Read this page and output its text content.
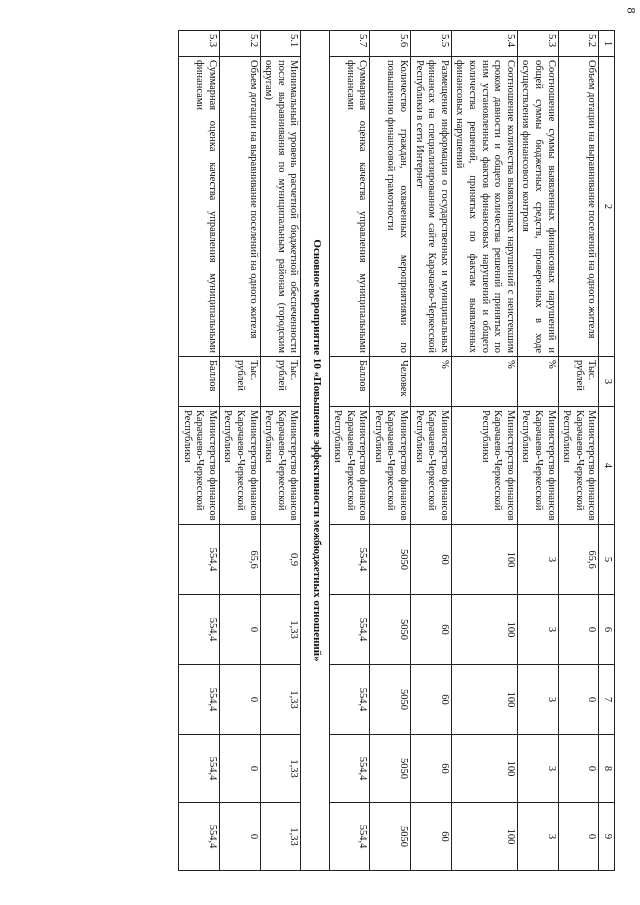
8
1	2	3	4	5	6	7	8	9
5.2	Объем дотации на выравнивание поселений на одного жителя	Тыс. рублей	Министерство финансов Карачаево-Черкесской Республики	65,6	0	0	0	0
5.3	Соотношение суммы выявленных финансовых нарушений и общей суммы бюджетных средств, проверенных в ходе осуществления финансового контроля	%	Министерство финансов Карачаево-Черкесской Республики	3	3	3	3	3
5.4	Соотношение количества выявленных нарушений с неистекшим сроком давности и общего количества решений принятых по ним установленных фактов финансовых нарушений и общего количества решений, принятых по фактам выявленных финансовых нарушений	%	Министерство финансов Карачаево-Черкесской Республики	100	100	100	100	100
5.5	Размещение информации о государственных и муниципальных финансах на специализированном сайте Карачаево-Черкесской Республики в сети Интернет	%	Министерство финансов Карачаево-Черкесской Республики	60	60	60	60	60
5.6	Количество граждан, охваченных мероприятиями по повышению финансовой грамотности	Человек	Министерство финансов Карачаево-Черкесской Республики	5050	5050	5050	5050	5050
5.7	Суммарная оценка качества управления муниципальными финансами	Баллов	Министерство финансов Карачаево-Черкесской Республики	554,4	554,4	554,4	554,4	554,4
Основное мероприятие 10 «Повышение эффективности межбюджетных отношений»								
5.1	Минимальный уровень расчетной бюджетной обеспеченности после выравнивания по муниципальным районам (городским округам)	Тыс. рублей	Министерство финансов Карачаево-Черкесской Республики	0,9	1,33	1,33	1,33	1,33
5.2	Объем дотации на выравнивание поселений на одного жителя	Тыс. рублей	Министерство финансов Карачаево-Черкесской Республики	65,6	0	0	0	0
5.3	Суммарная оценка качества управления муниципальными финансами	Баллов	Министерство финансов Карачаево-Черкесской Республики	554,4	554,4	554,4	554,4	554,4
